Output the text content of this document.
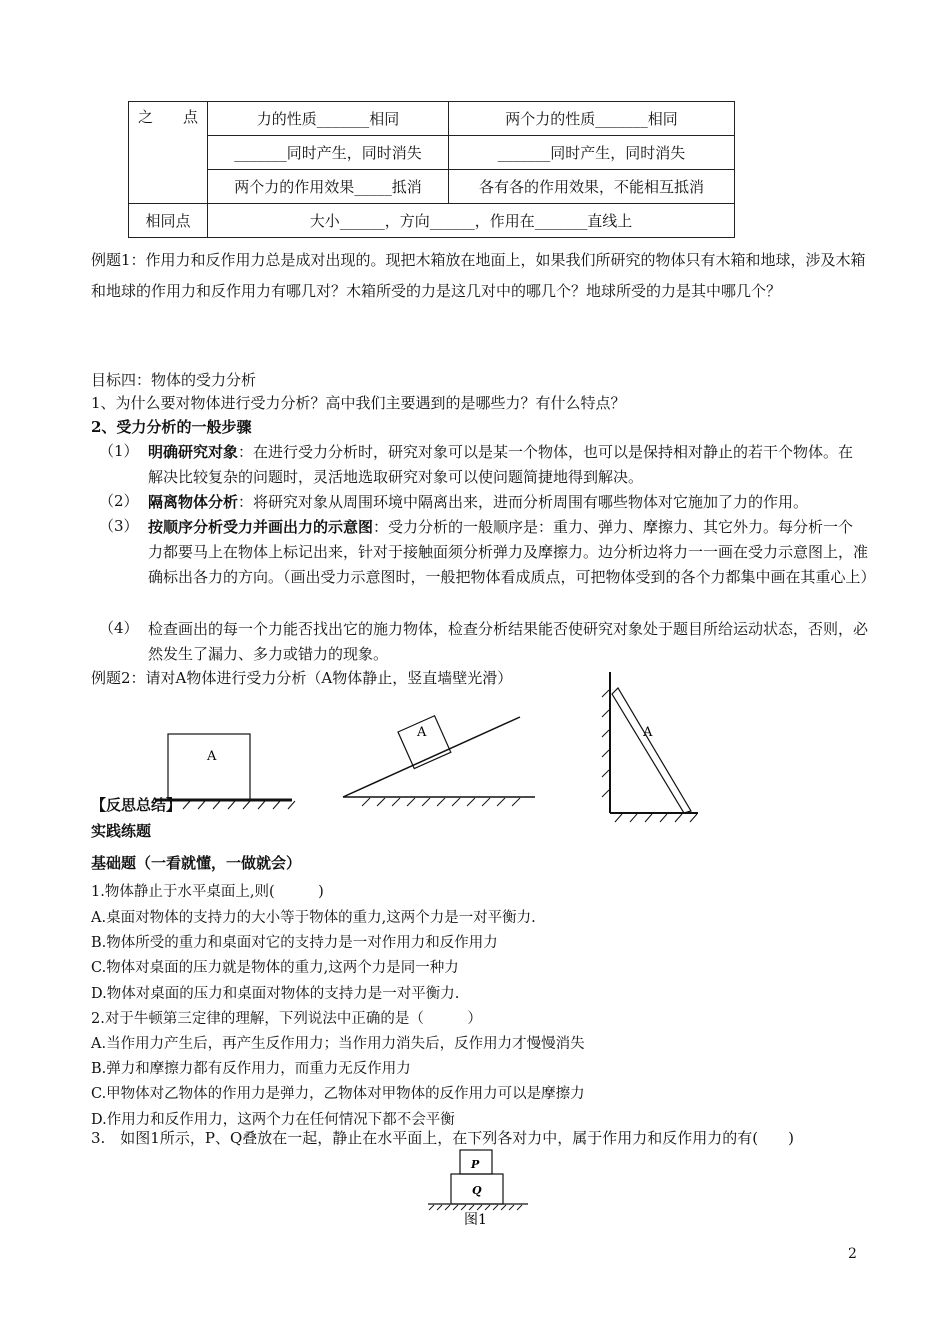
之　　点	力的性质_______相同	两个力的性质_______相同
	_______同时产生，同时消失	_______同时产生，同时消失
	两个力的作用效果_____抵消	各有各的作用效果，不能相互抵消
相同点	大小______，方向______，作用在_______直线上	
例题1：作用力和反作用力总是成对出现的。现把木箱放在地面上，如果我们所研究的物体只有木箱和地球，涉及木箱和地球的作用力和反作用力有哪几对？木箱所受的力是这几对中的哪几个？地球所受的力是其中哪几个？
目标四：物体的受力分析
1、为什么要对物体进行受力分析？高中我们主要遇到的是哪些力？有什么特点？
2、受力分析的一般步骤
（1） 明确研究对象：在进行受力分析时，研究对象可以是某一个物体，也可以是保持相对静止的若干个物体。在解决比较复杂的问题时，灵活地选取研究对象可以使问题简捷地得到解决。
（2） 隔离物体分析：将研究对象从周围环境中隔离出来，进而分析周围有哪些物体对它施加了力的作用。
（3） 按顺序分析受力并画出力的示意图：受力分析的一般顺序是：重力、弹力、摩擦力、其它外力。每分析一个力都要马上在物体上标记出来，针对于接触面须分析弹力及摩擦力。边分析边将力一一画在受力示意图上，准确标出各力的方向。（画出受力示意图时，一般把物体看成质点，可把物体受到的各个力都集中画在其重心上）
（4） 检查画出的每一个力能否找出它的施力物体，检查分析结果能否使研究对象处于题目所给运动状态，否则，必然发生了漏力、多力或错力的现象。
例题2：请对A物体进行受力分析（A物体静止，竖直墙壁光滑）
A
A	A
【反思总结】
实践练题
基础题（一看就懂，一做就会）
1.物体静止于水平桌面上,则(　　　)
A.桌面对物体的支持力的大小等于物体的重力,这两个力是一对平衡力.
B.物体所受的重力和桌面对它的支持力是一对作用力和反作用力
C.物体对桌面的压力就是物体的重力,这两个力是同一种力
D.物体对桌面的压力和桌面对物体的支持力是一对平衡力.
2.对于牛顿第三定律的理解，下列说法中正确的是（　　　）
A.当作用力产生后，再产生反作用力；当作用力消失后，反作用力才慢慢消失
B.弹力和摩擦力都有反作用力，而重力无反作用力
C.甲物体对乙物体的作用力是弹力，乙物体对甲物体的反作用力可以是摩擦力
D.作用力和反作用力，这两个力在任何情况下都不会平衡
3.　如图1所示，P、Q叠放在一起，静止在水平面上，在下列各对力中，属于作用力和反作用力的有(　　)
P
Q
图1
2
